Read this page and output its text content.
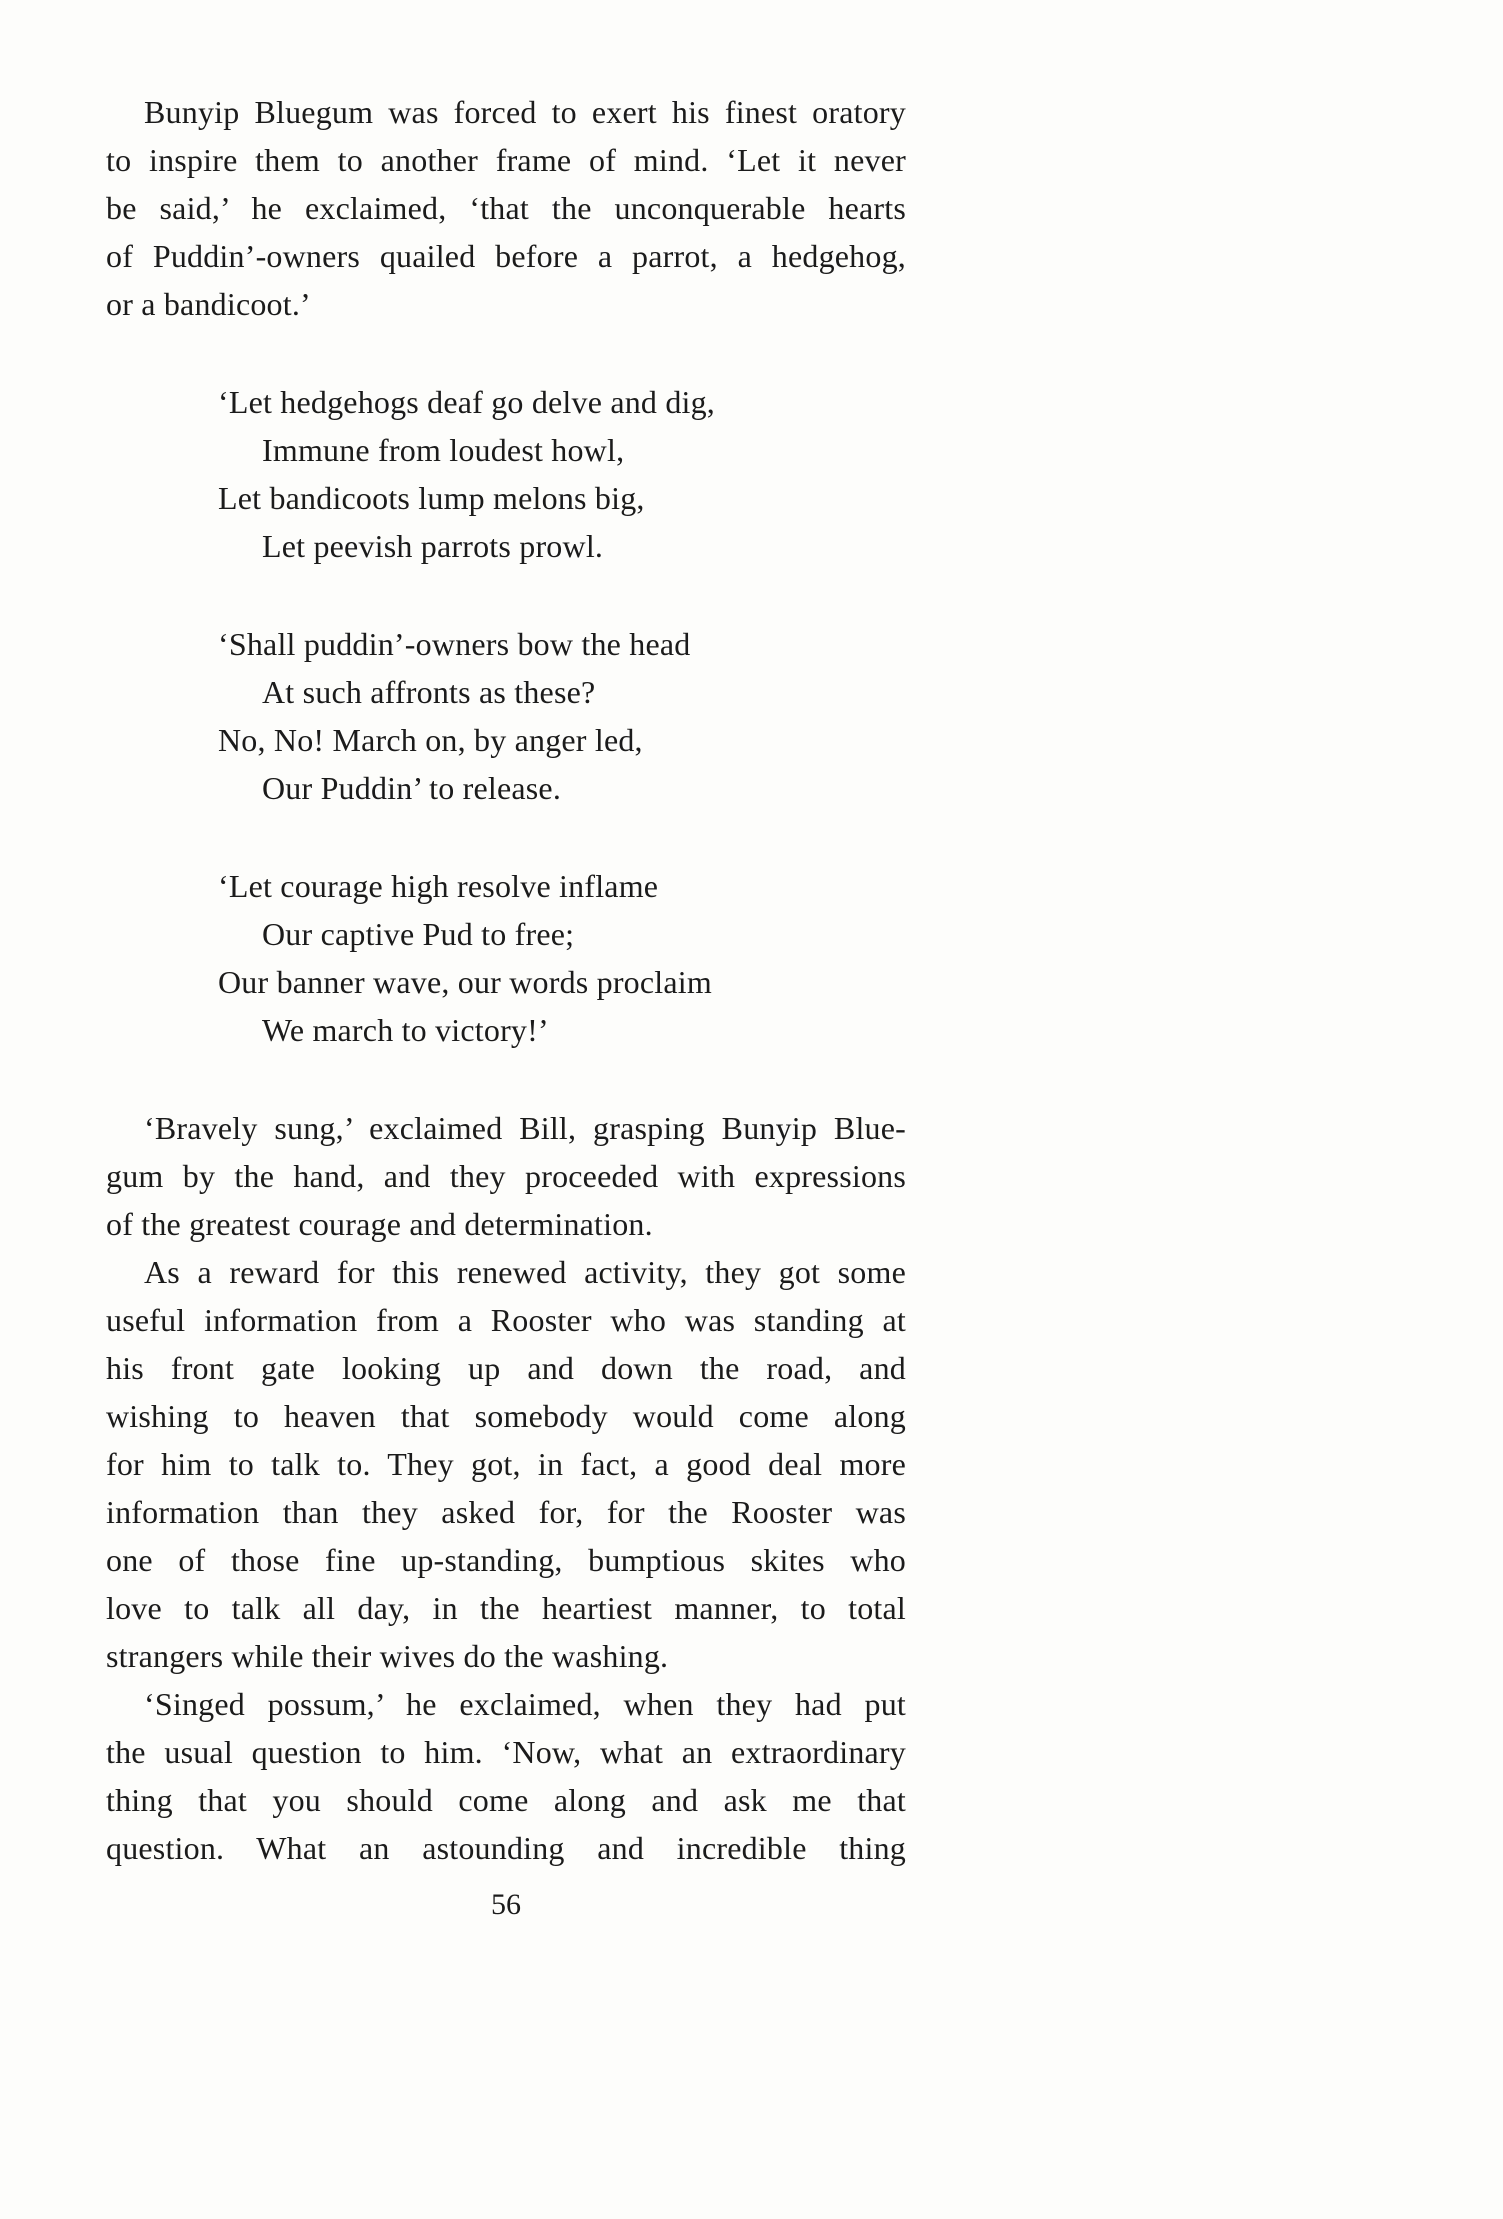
Bunyip Bluegum was forced to exert his finest oratory
to inspire them to another frame of mind. ‘Let it never
be said,’ he exclaimed, ‘that the unconquerable hearts
of Puddin’-owners quailed before a parrot, a hedgehog,
or a bandicoot.’
‘Let hedgehogs deaf go delve and dig,
Immune from loudest howl,
Let bandicoots lump melons big,
Let peevish parrots prowl.
‘Shall puddin’-owners bow the head
At such affronts as these?
No, No! March on, by anger led,
Our Puddin’ to release.
‘Let courage high resolve inflame
Our captive Pud to free;
Our banner wave, our words proclaim
We march to victory!’
‘Bravely sung,’ exclaimed Bill, grasping Bunyip Blue-
gum by the hand, and they proceeded with expressions
of the greatest courage and determination.
As a reward for this renewed activity, they got some
useful information from a Rooster who was standing at
his front gate looking up and down the road, and
wishing to heaven that somebody would come along
for him to talk to. They got, in fact, a good deal more
information than they asked for, for the Rooster was
one of those fine up-standing, bumptious skites who
love to talk all day, in the heartiest manner, to total
strangers while their wives do the washing.
‘Singed possum,’ he exclaimed, when they had put
the usual question to him. ‘Now, what an extraordinary
thing that you should come along and ask me that
question. What an astounding and incredible thing
56
